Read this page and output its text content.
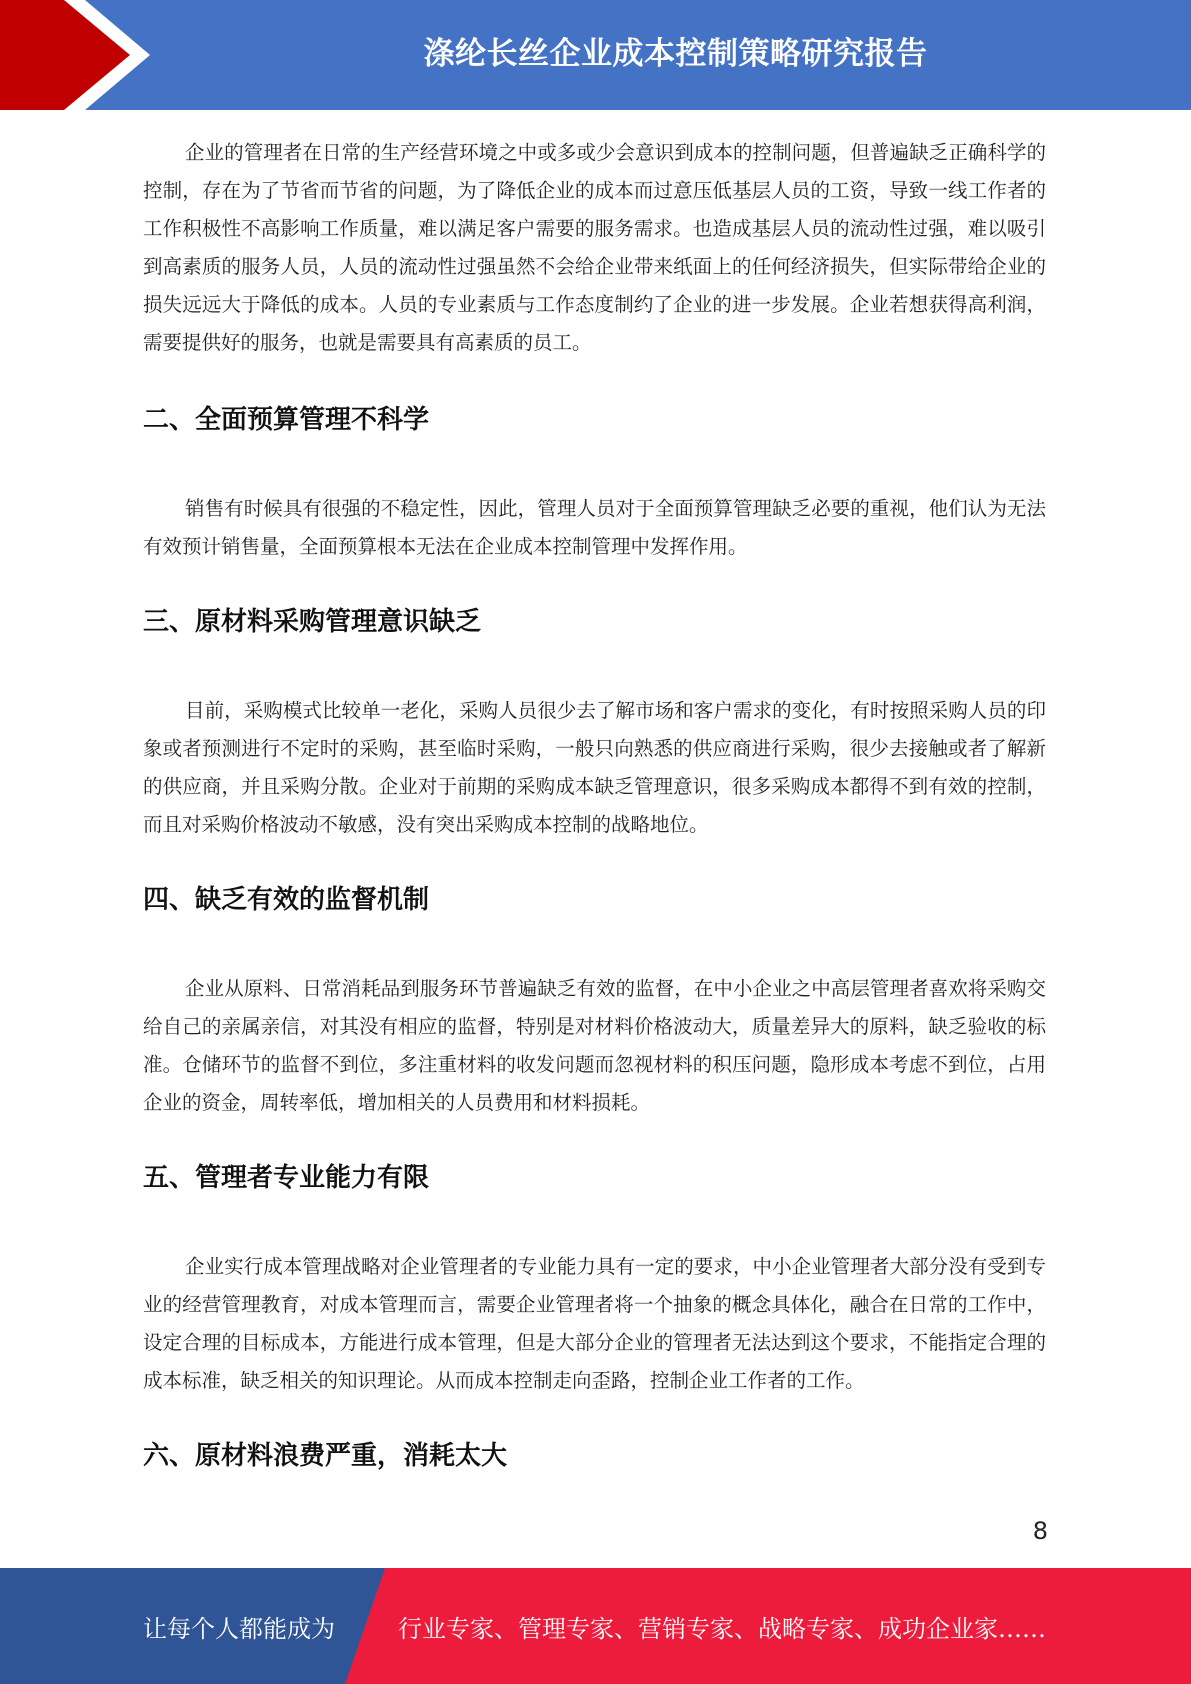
涤纶长丝企业成本控制策略研究报告

企业的管理者在日常的生产经营环境之中或多或少会意识到成本的控制问题，但普遍缺乏正确科学的控制，存在为了节省而节省的问题，为了降低企业的成本而过意压低基层人员的工资，导致一线工作者的工作积极性不高影响工作质量，难以满足客户需要的服务需求。也造成基层人员的流动性过强，难以吸引到高素质的服务人员，人员的流动性过强虽然不会给企业带来纸面上的任何经济损失，但实际带给企业的损失远远大于降低的成本。人员的专业素质与工作态度制约了企业的进一步发展。企业若想获得高利润，需要提供好的服务，也就是需要具有高素质的员工。

二、全面预算管理不科学

销售有时候具有很强的不稳定性，因此，管理人员对于全面预算管理缺乏必要的重视，他们认为无法有效预计销售量，全面预算根本无法在企业成本控制管理中发挥作用。

三、原材料采购管理意识缺乏

目前，采购模式比较单一老化，采购人员很少去了解市场和客户需求的变化，有时按照采购人员的印象或者预测进行不定时的采购，甚至临时采购，一般只向熟悉的供应商进行采购，很少去接触或者了解新的供应商，并且采购分散。企业对于前期的采购成本缺乏管理意识，很多采购成本都得不到有效的控制，而且对采购价格波动不敏感，没有突出采购成本控制的战略地位。

四、缺乏有效的监督机制

企业从原料、日常消耗品到服务环节普遍缺乏有效的监督，在中小企业之中高层管理者喜欢将采购交给自己的亲属亲信，对其没有相应的监督，特别是对材料价格波动大，质量差异大的原料，缺乏验收的标准。仓储环节的监督不到位，多注重材料的收发问题而忽视材料的积压问题，隐形成本考虑不到位，占用企业的资金，周转率低，增加相关的人员费用和材料损耗。

五、管理者专业能力有限

企业实行成本管理战略对企业管理者的专业能力具有一定的要求，中小企业管理者大部分没有受到专业的经营管理教育，对成本管理而言，需要企业管理者将一个抽象的概念具体化，融合在日常的工作中，设定合理的目标成本，方能进行成本管理，但是大部分企业的管理者无法达到这个要求，不能指定合理的成本标准，缺乏相关的知识理论。从而成本控制走向歪路，控制企业工作者的工作。

六、原材料浪费严重，消耗太大
8
让每个人都能成为	行业专家、管理专家、营销专家、战略专家、成功企业家……
